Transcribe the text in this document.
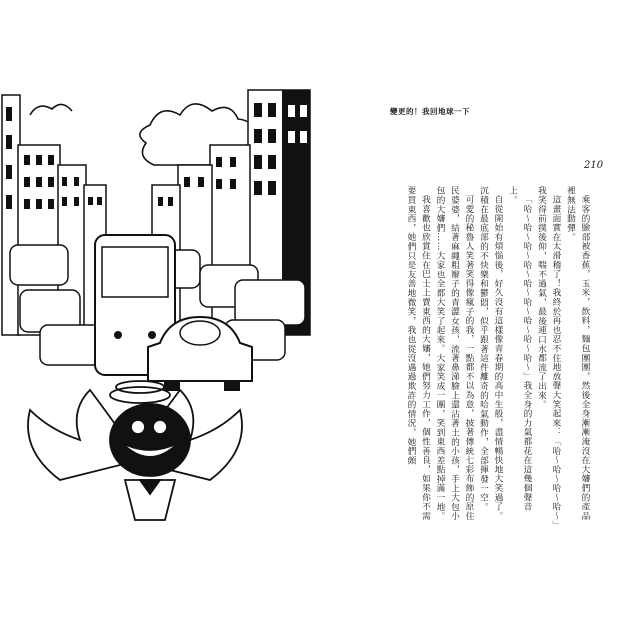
變更的！我回地球一下
210

乘客的臉部被香蕉，玉米，飲料，麵包團團，然後全身漸漸淹沒在大嬸們的產品裡無法動彈。

這畫面實在太滑稽了！我終於再也忍不住地放聲大笑起來：「哈～哈～哈～哈～」我笑得前撲後仰，喘不過氣，最後連口水都流了出來。

「哈～哈～哈～哈～哈～哈～哈～哈～哈～」我全身的力氣都花在這幾個聲音上。

自從開始有煩惱後，好久沒有這樣像青春期的高中生般，盡情暢快地大笑過了。沉積在最底部的不快樂和鬱悶，似乎跟著這件離奇的哈氣動作，全部揮發一空。

可愛的秘魯人笑著笑得像瘋子的我，一點都不以為意，披著傳統七彩布飾的原住民婆婆，結著麻繩粗辮子的青澀女孩，流著鼻涕臉上還沾著土的小孩，手上大包小包的大嬸們……大家也全都大笑了起來。大家笑成一團，笑到東西差點掉滿一地。

我喜歡也欣賞住在巴士上賣東西的大嬸，她們努力工作，個性善良，如果你不需要買東西，她們只是友善地微笑，我也從沒遇過欺詐的情況，她們頗
